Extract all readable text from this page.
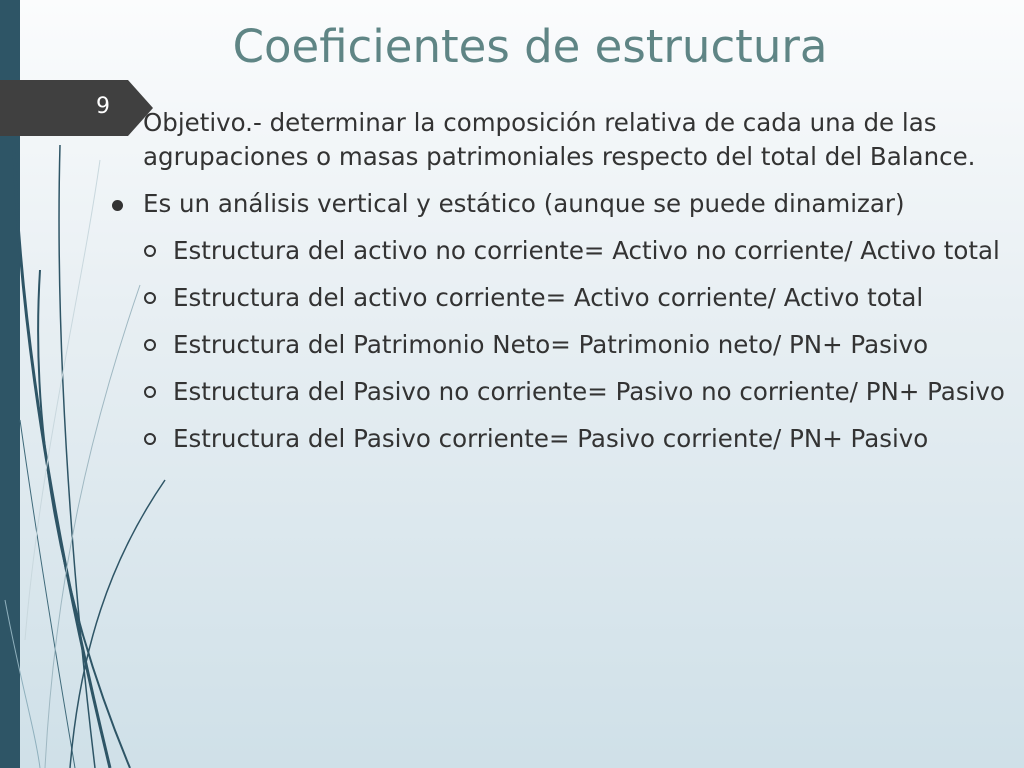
Coeficientes de estructura
9
Objetivo.- determinar la composición relativa de cada una de las agrupaciones o masas patrimoniales respecto del total del Balance.
Es un análisis vertical y estático (aunque se puede dinamizar)
Estructura del activo no corriente= Activo no corriente/ Activo total
Estructura del activo corriente= Activo corriente/ Activo total
Estructura del Patrimonio Neto= Patrimonio neto/ PN+ Pasivo
Estructura del Pasivo no corriente= Pasivo no corriente/ PN+ Pasivo
Estructura del Pasivo corriente= Pasivo corriente/ PN+ Pasivo
